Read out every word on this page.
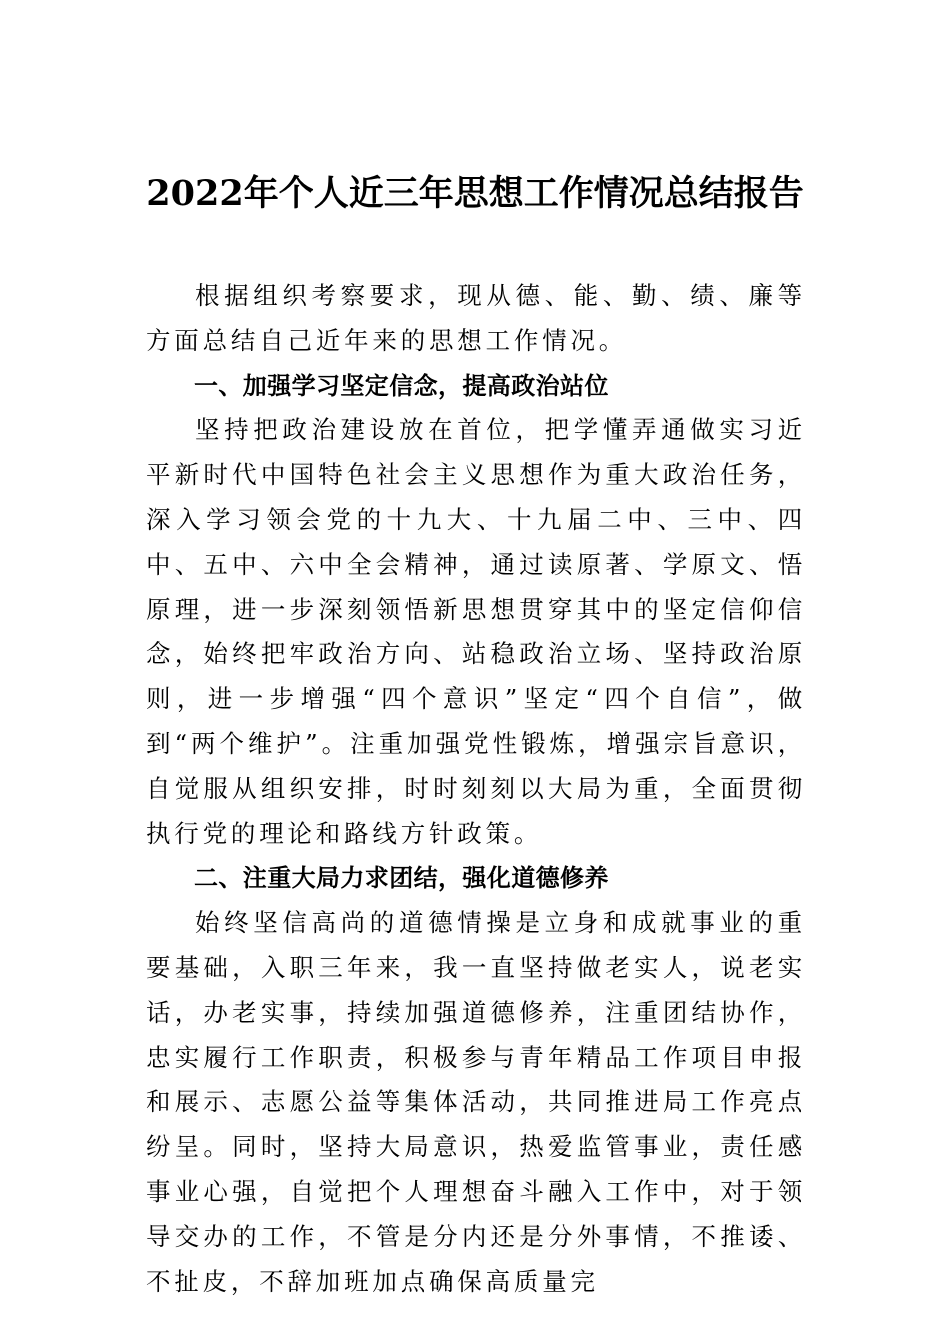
2022年个人近三年思想工作情况总结报告

根据组织考察要求，现从德、能、勤、绩、廉等方面总结自己近年来的思想工作情况。

一、加强学习坚定信念，提高政治站位

坚持把政治建设放在首位，把学懂弄通做实习近平新时代中国特色社会主义思想作为重大政治任务，深入学习领会党的十九大、十九届二中、三中、四中、五中、六中全会精神，通过读原著、学原文、悟原理，进一步深刻领悟新思想贯穿其中的坚定信仰信念，始终把牢政治方向、站稳政治立场、坚持政治原则，进一步增强“四个意识”坚定“四个自信”，做到“两个维护”。注重加强党性锻炼，增强宗旨意识，自觉服从组织安排，时时刻刻以大局为重，全面贯彻执行党的理论和路线方针政策。

二、注重大局力求团结，强化道德修养

始终坚信高尚的道德情操是立身和成就事业的重要基础，入职三年来，我一直坚持做老实人，说老实话，办老实事，持续加强道德修养，注重团结协作，忠实履行工作职责，积极参与青年精品工作项目申报和展示、志愿公益等集体活动，共同推进局工作亮点纷呈。同时，坚持大局意识，热爱监管事业，责任感事业心强，自觉把个人理想奋斗融入工作中，对于领导交办的工作，不管是分内还是分外事情，不推诿、不扯皮，不辞加班加点确保高质量完
